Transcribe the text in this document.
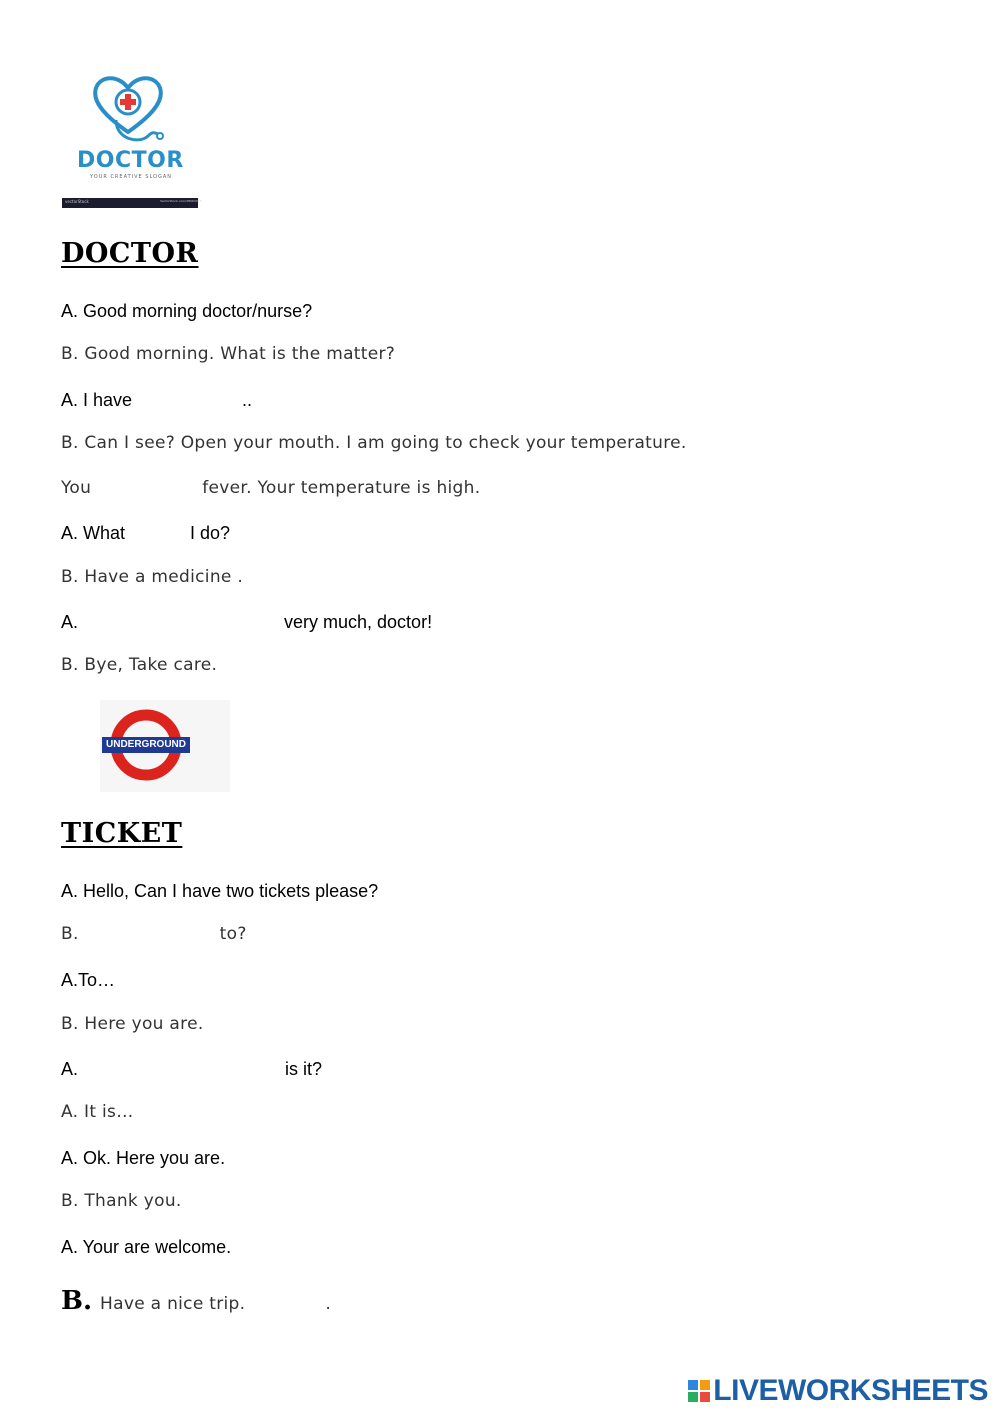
DOCTOR
YOUR CREATIVE SLOGAN
vectorStock	VectorStock.com/28063473
DOCTOR
A. Good morning doctor/nurse?
B. Good morning. What is the matter?
A. I have	..
B. Can I see? Open your mouth. I am going to check your temperature.
You	fever. Your temperature is high.
A. What	I do?
B. Have a medicine .
A.	very much, doctor!
B. Bye, Take care.
UNDERGROUND
TICKET
A. Hello, Can I have two tickets please?
B.	to?
A.To…
B. Here you are.
A.	is it?
A. It is…
A. Ok. Here you are.
B. Thank you.
A. Your are welcome.
B. Have a nice trip.	.
LIVEWORKSHEETS
